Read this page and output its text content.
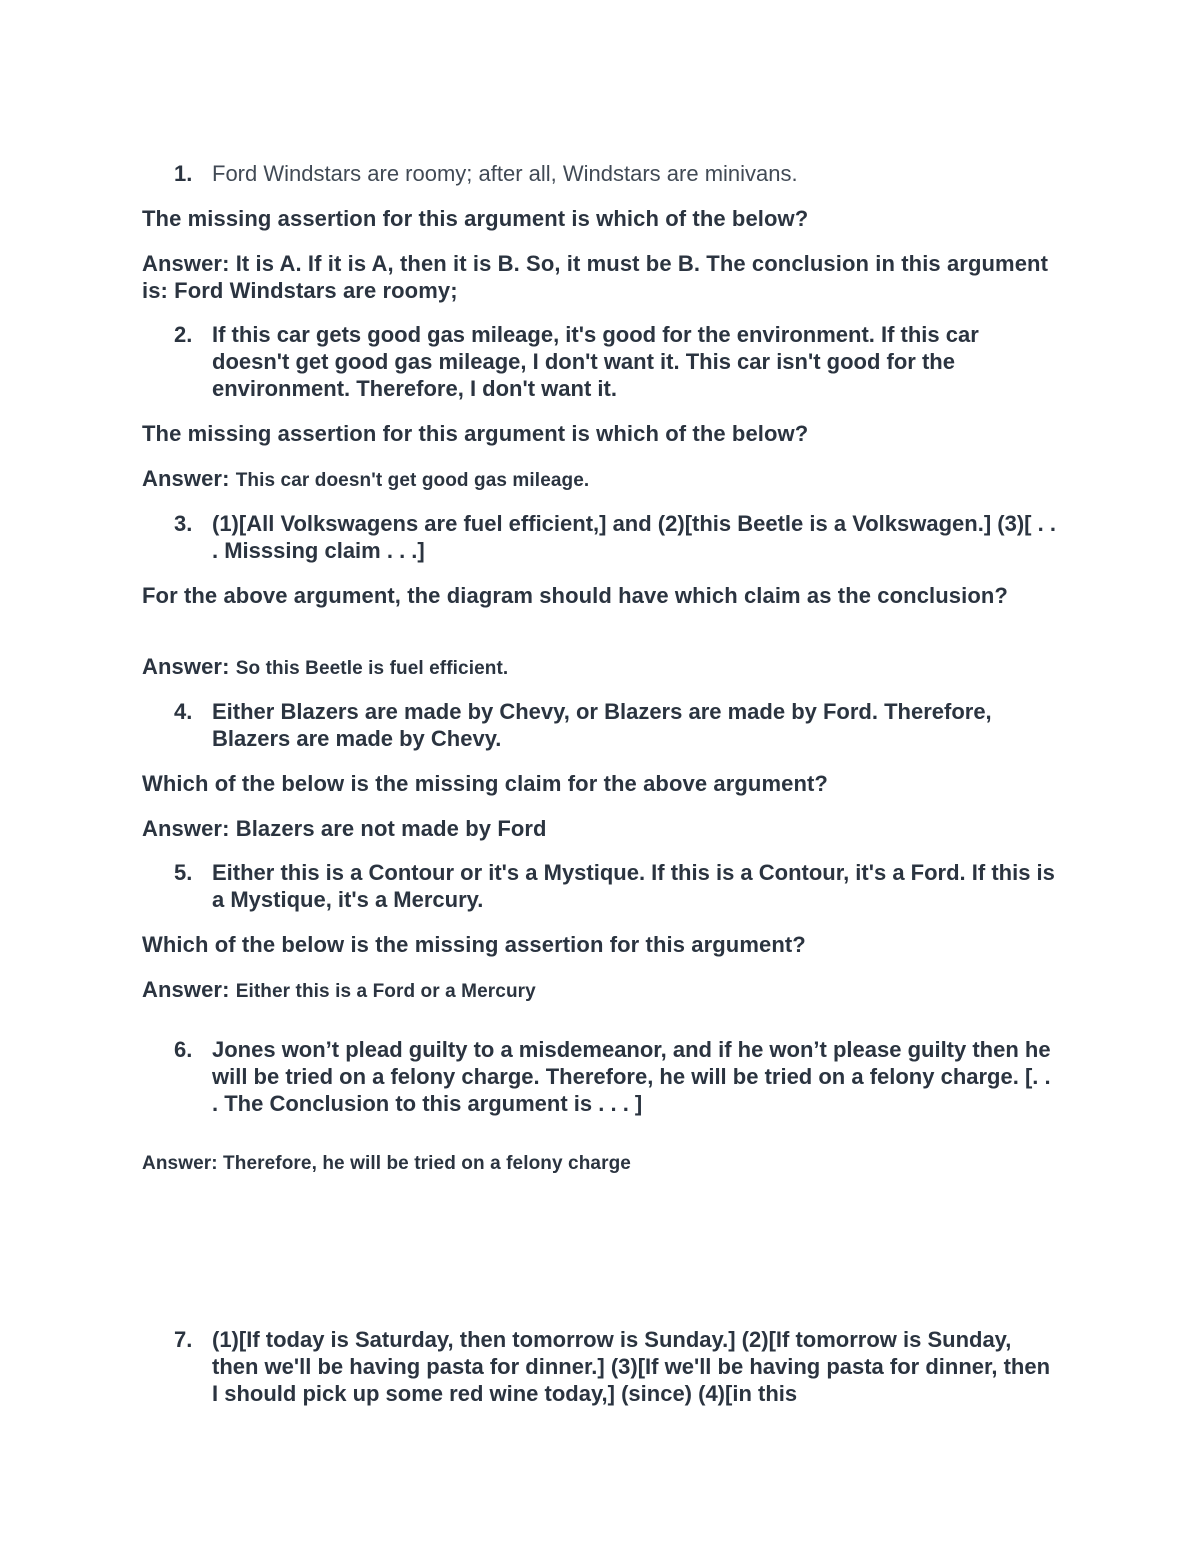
1. Ford Windstars are roomy; after all, Windstars are minivans.
The missing assertion for this argument is which of the below?
Answer: It is A. If it is A, then it is B. So, it must be B. The conclusion in this argument is: Ford Windstars are roomy;
2. If this car gets good gas mileage, it's good for the environment. If this car doesn't get good gas mileage, I don't want it. This car isn't good for the environment. Therefore, I don't want it.
The missing assertion for this argument is which of the below?
Answer: This car doesn't get good gas mileage.
3. (1)[All Volkswagens are fuel efficient,] and (2)[this Beetle is a Volkswagen.] (3)[ . . . Misssing claim . . .]
For the above argument, the diagram should have which claim as the conclusion?
Answer: So this Beetle is fuel efficient.
4. Either Blazers are made by Chevy, or Blazers are made by Ford. Therefore, Blazers are made by Chevy.
Which of the below is the missing claim for the above argument?
Answer: Blazers are not made by Ford
5. Either this is a Contour or it's a Mystique. If this is a Contour, it's a Ford. If this is a Mystique, it's a Mercury.
Which of the below is the missing assertion for this argument?
Answer: Either this is a Ford or a Mercury
6. Jones won’t plead guilty to a misdemeanor, and if he won’t please guilty then he will be tried on a felony charge. Therefore, he will be tried on a felony charge. [. . . The Conclusion to this argument is . . . ]
Answer: Therefore, he will be tried on a felony charge
7. (1)[If today is Saturday, then tomorrow is Sunday.] (2)[If tomorrow is Sunday, then we'll be having pasta for dinner.] (3)[If we'll be having pasta for dinner, then I should pick up some red wine today,] (since) (4)[in this
